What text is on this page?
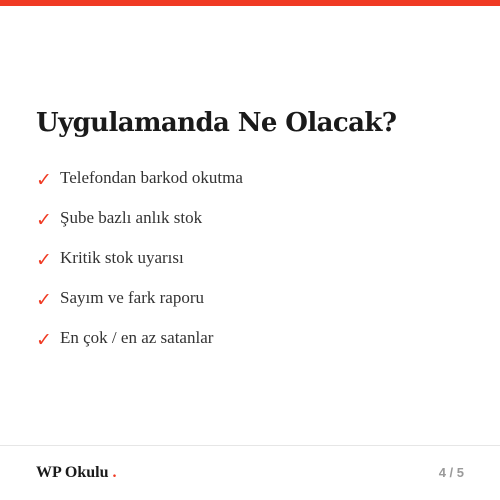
Uygulamanda Ne Olacak?
✓ Telefondan barkod okutma
✓ Şube bazlı anlık stok
✓ Kritik stok uyarısı
✓ Sayım ve fark raporu
✓ En çok / en az satanlar
WP Okulu .	4 / 5
